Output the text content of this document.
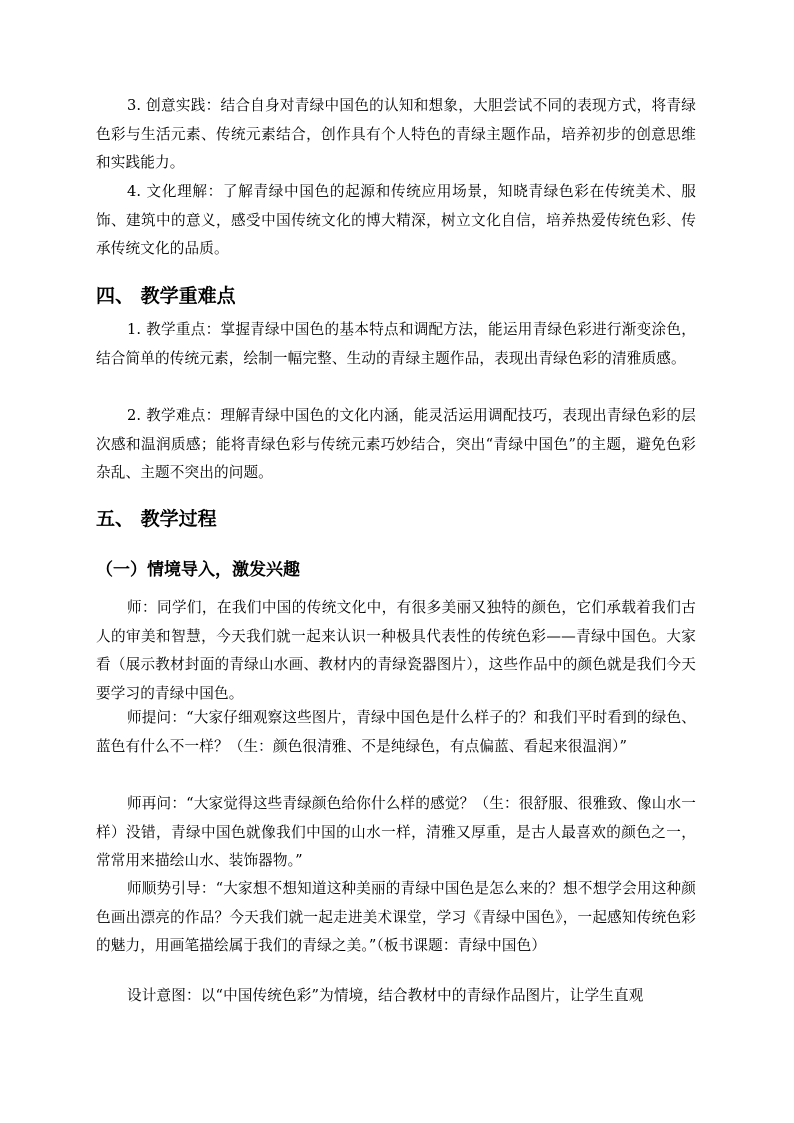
3. 创意实践：结合自身对青绿中国色的认知和想象，大胆尝试不同的表现方式，将青绿色彩与生活元素、传统元素结合，创作具有个人特色的青绿主题作品，培养初步的创意思维和实践能力。

4. 文化理解：了解青绿中国色的起源和传统应用场景，知晓青绿色彩在传统美术、服饰、建筑中的意义，感受中国传统文化的博大精深，树立文化自信，培养热爱传统色彩、传承传统文化的品质。

四、 教学重难点

1. 教学重点：掌握青绿中国色的基本特点和调配方法，能运用青绿色彩进行渐变涂色，结合简单的传统元素，绘制一幅完整、生动的青绿主题作品，表现出青绿色彩的清雅质感。

2. 教学难点：理解青绿中国色的文化内涵，能灵活运用调配技巧，表现出青绿色彩的层次感和温润质感；能将青绿色彩与传统元素巧妙结合，突出“青绿中国色”的主题，避免色彩杂乱、主题不突出的问题。

五、 教学过程
（一）情境导入，激发兴趣

师：同学们，在我们中国的传统文化中，有很多美丽又独特的颜色，它们承载着我们古人的审美和智慧，今天我们就一起来认识一种极具代表性的传统色彩——青绿中国色。大家看（展示教材封面的青绿山水画、教材内的青绿瓷器图片），这些作品中的颜色就是我们今天要学习的青绿中国色。

师提问：“大家仔细观察这些图片，青绿中国色是什么样子的？和我们平时看到的绿色、蓝色有什么不一样？（生：颜色很清雅、不是纯绿色，有点偏蓝、看起来很温润）”

师再问：“大家觉得这些青绿颜色给你什么样的感觉？（生：很舒服、很雅致、像山水一样）没错，青绿中国色就像我们中国的山水一样，清雅又厚重，是古人最喜欢的颜色之一，常常用来描绘山水、装饰器物。”

师顺势引导：“大家想不想知道这种美丽的青绿中国色是怎么来的？想不想学会用这种颜色画出漂亮的作品？今天我们就一起走进美术课堂，学习《青绿中国色》，一起感知传统色彩的魅力，用画笔描绘属于我们的青绿之美。”（板书课题：青绿中国色）

设计意图：以“中国传统色彩”为情境，结合教材中的青绿作品图片，让学生直观
